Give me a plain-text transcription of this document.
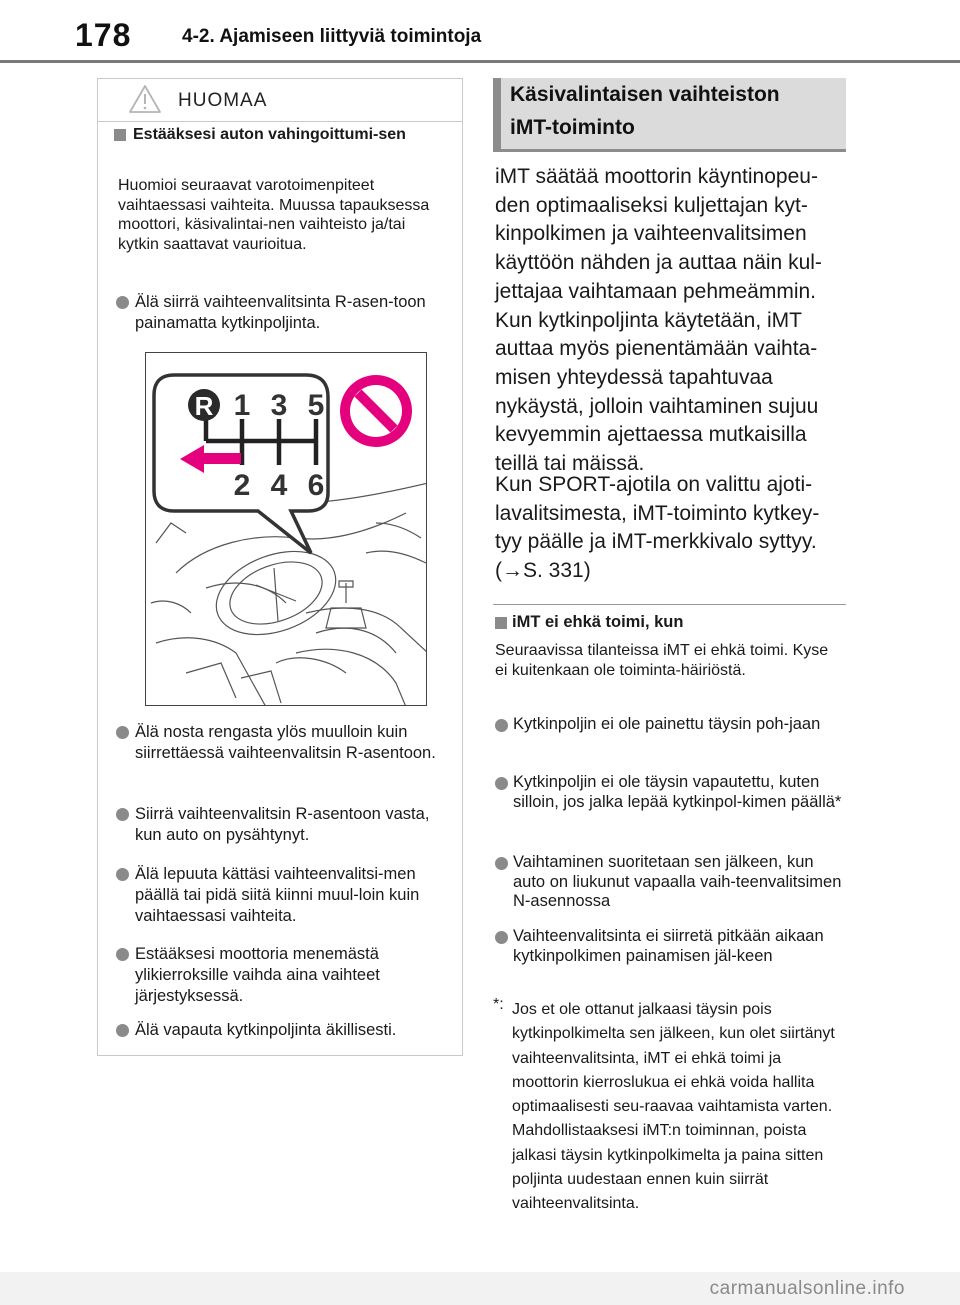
178	4-2. Ajamiseen liittyviä toimintoja
HUOMAA
Estääksesi auton vahingoittumi-sen
Huomioi seuraavat varotoimenpiteet vaihtaessasi vaihteita. Muussa tapauksessa moottori, käsivalintai-nen vaihteisto ja/tai kytkin saattavat vaurioitua.
Älä siirrä vaihteenvalitsinta R-asen-toon painamatta kytkinpoljinta.
R 1 3 5
2 4 6
Älä nosta rengasta ylös muulloin kuin siirrettäessä vaihteenvalitsin R-asentoon.
Siirrä vaihteenvalitsin R-asentoon vasta, kun auto on pysähtynyt.
Älä lepuuta kättäsi vaihteenvalitsi-men päällä tai pidä siitä kiinni muul-loin kuin vaihtaessasi vaihteita.
Estääksesi moottoria menemästä ylikierroksille vaihda aina vaihteet järjestyksessä.
Älä vapauta kytkinpoljinta äkillisesti.
Käsivalintaisen vaihteiston
iMT-toiminto
iMT säätää moottorin käyntinopeu-den optimaaliseksi kuljettajan kyt-kinpolkimen ja vaihteenvalitsimen käyttöön nähden ja auttaa näin kul-jettajaa vaihtamaan pehmeämmin. Kun kytkinpoljinta käytetään, iMT auttaa myös pienentämään vaihta-misen yhteydessä tapahtuvaa nykäystä, jolloin vaihtaminen sujuu kevyemmin ajettaessa mutkaisilla teillä tai mäissä.
Kun SPORT-ajotila on valittu ajoti-lavalitsimesta, iMT-toiminto kytkey-tyy päälle ja iMT-merkkivalo syttyy. (→S. 331)
iMT ei ehkä toimi, kun
Seuraavissa tilanteissa iMT ei ehkä toimi. Kyse ei kuitenkaan ole toiminta-häiriöstä.
Kytkinpoljin ei ole painettu täysin poh-jaan
Kytkinpoljin ei ole täysin vapautettu, kuten silloin, jos jalka lepää kytkinpol-kimen päällä*
Vaihtaminen suoritetaan sen jälkeen, kun auto on liukunut vapaalla vaih-teenvalitsimen N-asennossa
Vaihteenvalitsinta ei siirretä pitkään aikaan kytkinpolkimen painamisen jäl-keen
*: Jos et ole ottanut jalkaasi täysin pois kytkinpolkimelta sen jälkeen, kun olet siirtänyt vaihteenvalitsinta, iMT ei ehkä toimi ja moottorin kierroslukua ei ehkä voida hallita optimaalisesti seu-raavaa vaihtamista varten. Mahdollistaaksesi iMT:n toiminnan, poista jalkasi täysin kytkinpolkimelta ja paina sitten poljinta uudestaan ennen kuin siirrät vaihteenvalitsinta.
carmanualsonline.info
